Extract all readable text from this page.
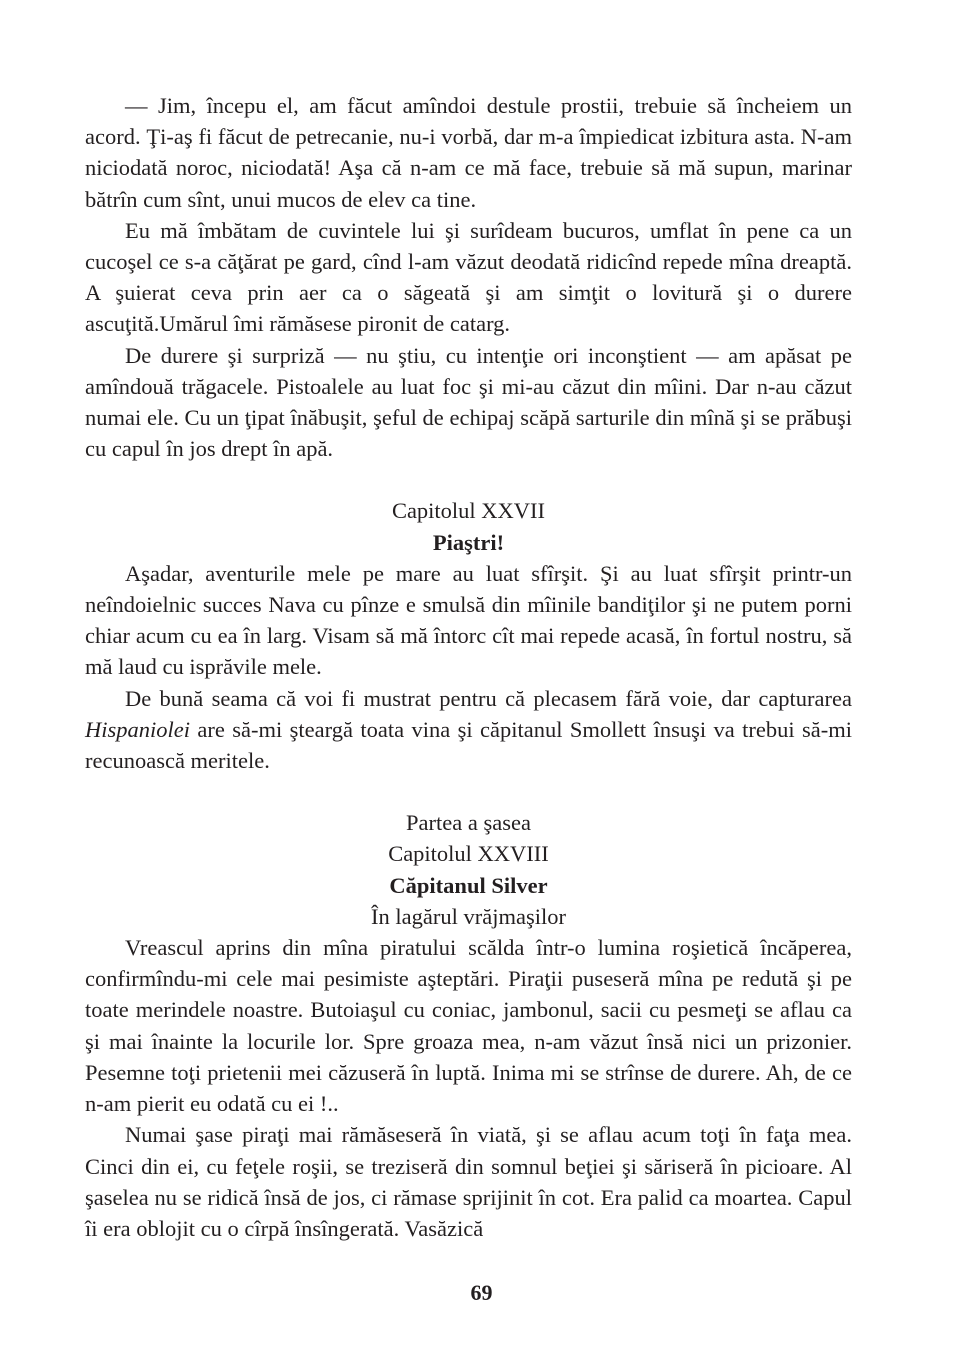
— Jim, începu el, am făcut amîndoi destule prostii, trebuie să încheiem un acord. Ţi-aş fi făcut de petrecanie, nu-i vorbă, dar m-a împiedicat izbitura asta. N-am niciodată noroc, niciodată! Aşa că n-am ce mă face, trebuie să mă supun, marinar bătrîn cum sînt, unui mucos de elev ca tine.

Eu mă îmbătam de cuvintele lui şi surîdeam bucuros, umflat în pene ca un cucoşel ce s-a căţărat pe gard, cînd l-am văzut deodată ridicînd repede mîna dreaptă. A şuierat ceva prin aer ca o săgeată şi am simţit o lovitură şi o durere ascuţită.Umărul îmi rămăsese pironit de catarg.

De durere şi surpriză — nu ştiu, cu intenţie ori inconştient — am apăsat pe amîndouă trăgacele. Pistoalele au luat foc şi mi-au căzut din mîini. Dar n-au căzut numai ele. Cu un ţipat înăbuşit, şeful de echipaj scăpă sarturile din mînă şi se prăbuşi cu capul în jos drept în apă.

Capitolul XXVII
Piaştri!

Aşadar, aventurile mele pe mare au luat sfîrşit. Şi au luat sfîrşit printr-un neîndoielnic succes Nava cu pînze e smulsă din mîinile bandiţilor şi ne putem porni chiar acum cu ea în larg. Visam să mă întorc cît mai repede acasă, în fortul nostru, să mă laud cu isprăvile mele.

De bună seama că voi fi mustrat pentru că plecasem fără voie, dar capturarea Hispaniolei are să-mi şteargă toata vina şi căpitanul Smollett însuşi va trebui să-mi recunoască meritele.

Partea a şasea
Capitolul XXVIII
Căpitanul Silver
În lagărul vrăjmaşilor

Vreascul aprins din mîna piratului scălda într-o lumina roşietică încăperea, confirmîndu-mi cele mai pesimiste aşteptări. Piraţii puseseră mîna pe redută şi pe toate merindele noastre. Butoiaşul cu coniac, jambonul, sacii cu pesmeţi se aflau ca şi mai înainte la locurile lor. Spre groaza mea, n-am văzut însă nici un prizonier. Pesemne toţi prietenii mei căzuseră în luptă. Inima mi se strînse de durere. Ah, de ce n-am pierit eu odată cu ei !..

Numai şase piraţi mai rămăseseră în viată, şi se aflau acum toţi în faţa mea. Cinci din ei, cu feţele roşii, se treziseră din somnul beţiei şi săriseră în picioare. Al şaselea nu se ridică însă de jos, ci rămase sprijinit în cot. Era palid ca moartea. Capul îi era oblojit cu o cîrpă însîngerată. Vasăzică

69
